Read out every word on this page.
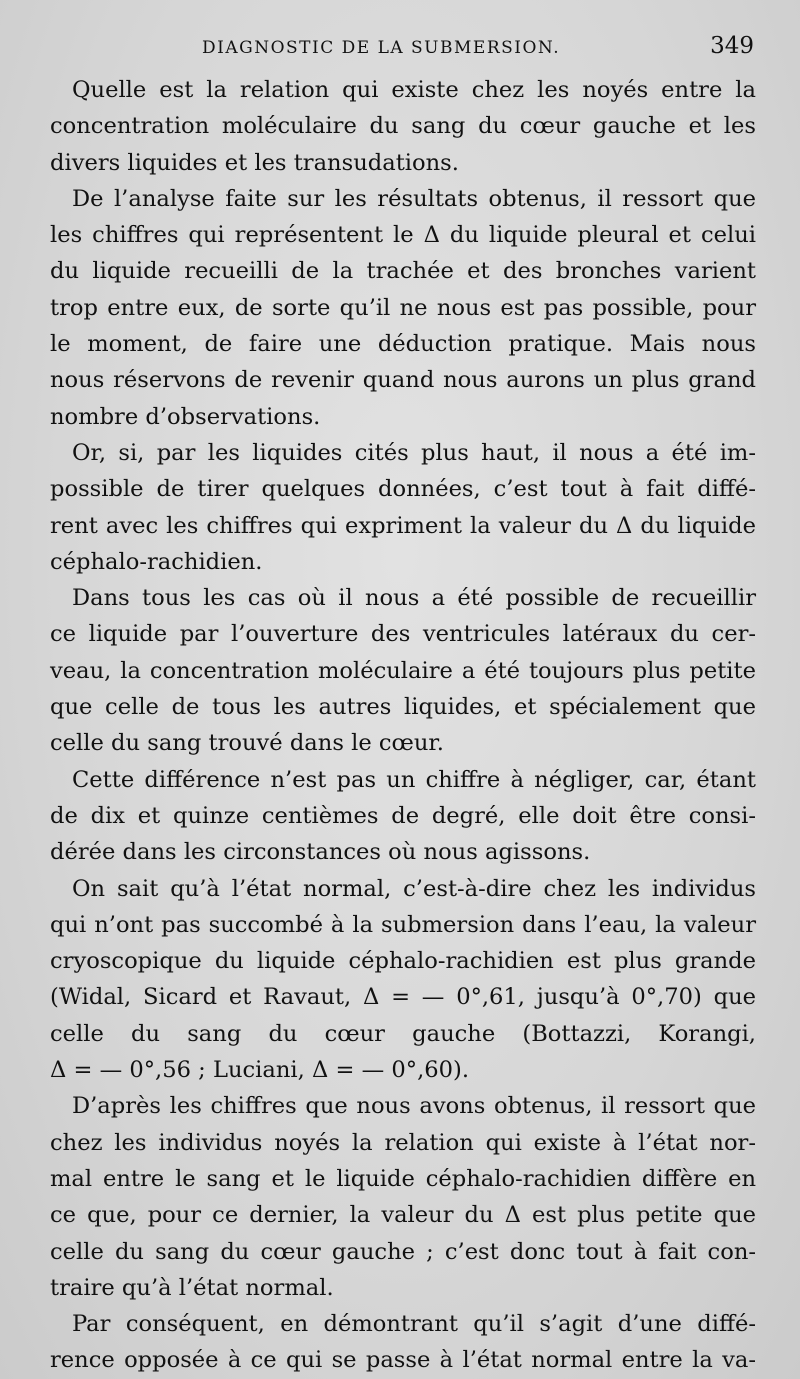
DIAGNOSTIC DE LA SUBMERSION.	349

Quelle est la relation qui existe chez les noyés entre la
concentration moléculaire du sang du cœur gauche et les
divers liquides et les transudations.

De l’analyse faite sur les résultats obtenus, il ressort que
les chiffres qui représentent le Δ du liquide pleural et celui
du liquide recueilli de la trachée et des bronches varient
trop entre eux, de sorte qu’il ne nous est pas possible, pour
le moment, de faire une déduction pratique. Mais nous
nous réservons de revenir quand nous aurons un plus grand
nombre d’observations.

Or, si, par les liquides cités plus haut, il nous a été im-
possible de tirer quelques données, c’est tout à fait diffé-
rent avec les chiffres qui expriment la valeur du Δ du liquide
céphalo-rachidien.

Dans tous les cas où il nous a été possible de recueillir
ce liquide par l’ouverture des ventricules latéraux du cer-
veau, la concentration moléculaire a été toujours plus petite
que celle de tous les autres liquides, et spécialement que
celle du sang trouvé dans le cœur.

Cette différence n’est pas un chiffre à négliger, car, étant
de dix et quinze centièmes de degré, elle doit être consi-
dérée dans les circonstances où nous agissons.

On sait qu’à l’état normal, c’est-à-dire chez les individus
qui n’ont pas succombé à la submersion dans l’eau, la valeur
cryoscopique du liquide céphalo-rachidien est plus grande
(Widal, Sicard et Ravaut, Δ = — 0°,61, jusqu’à 0°,70) que
celle du sang du cœur gauche (Bottazzi, Korangi,
Δ = — 0°,56 ; Luciani, Δ = — 0°,60).

D’après les chiffres que nous avons obtenus, il ressort que
chez les individus noyés la relation qui existe à l’état nor-
mal entre le sang et le liquide céphalo-rachidien diffère en
ce que, pour ce dernier, la valeur du Δ est plus petite que
celle du sang du cœur gauche ; c’est donc tout à fait con-
traire qu’à l’état normal.

Par conséquent, en démontrant qu’il s’agit d’une diffé-
rence opposée à ce qui se passe à l’état normal entre la va-
